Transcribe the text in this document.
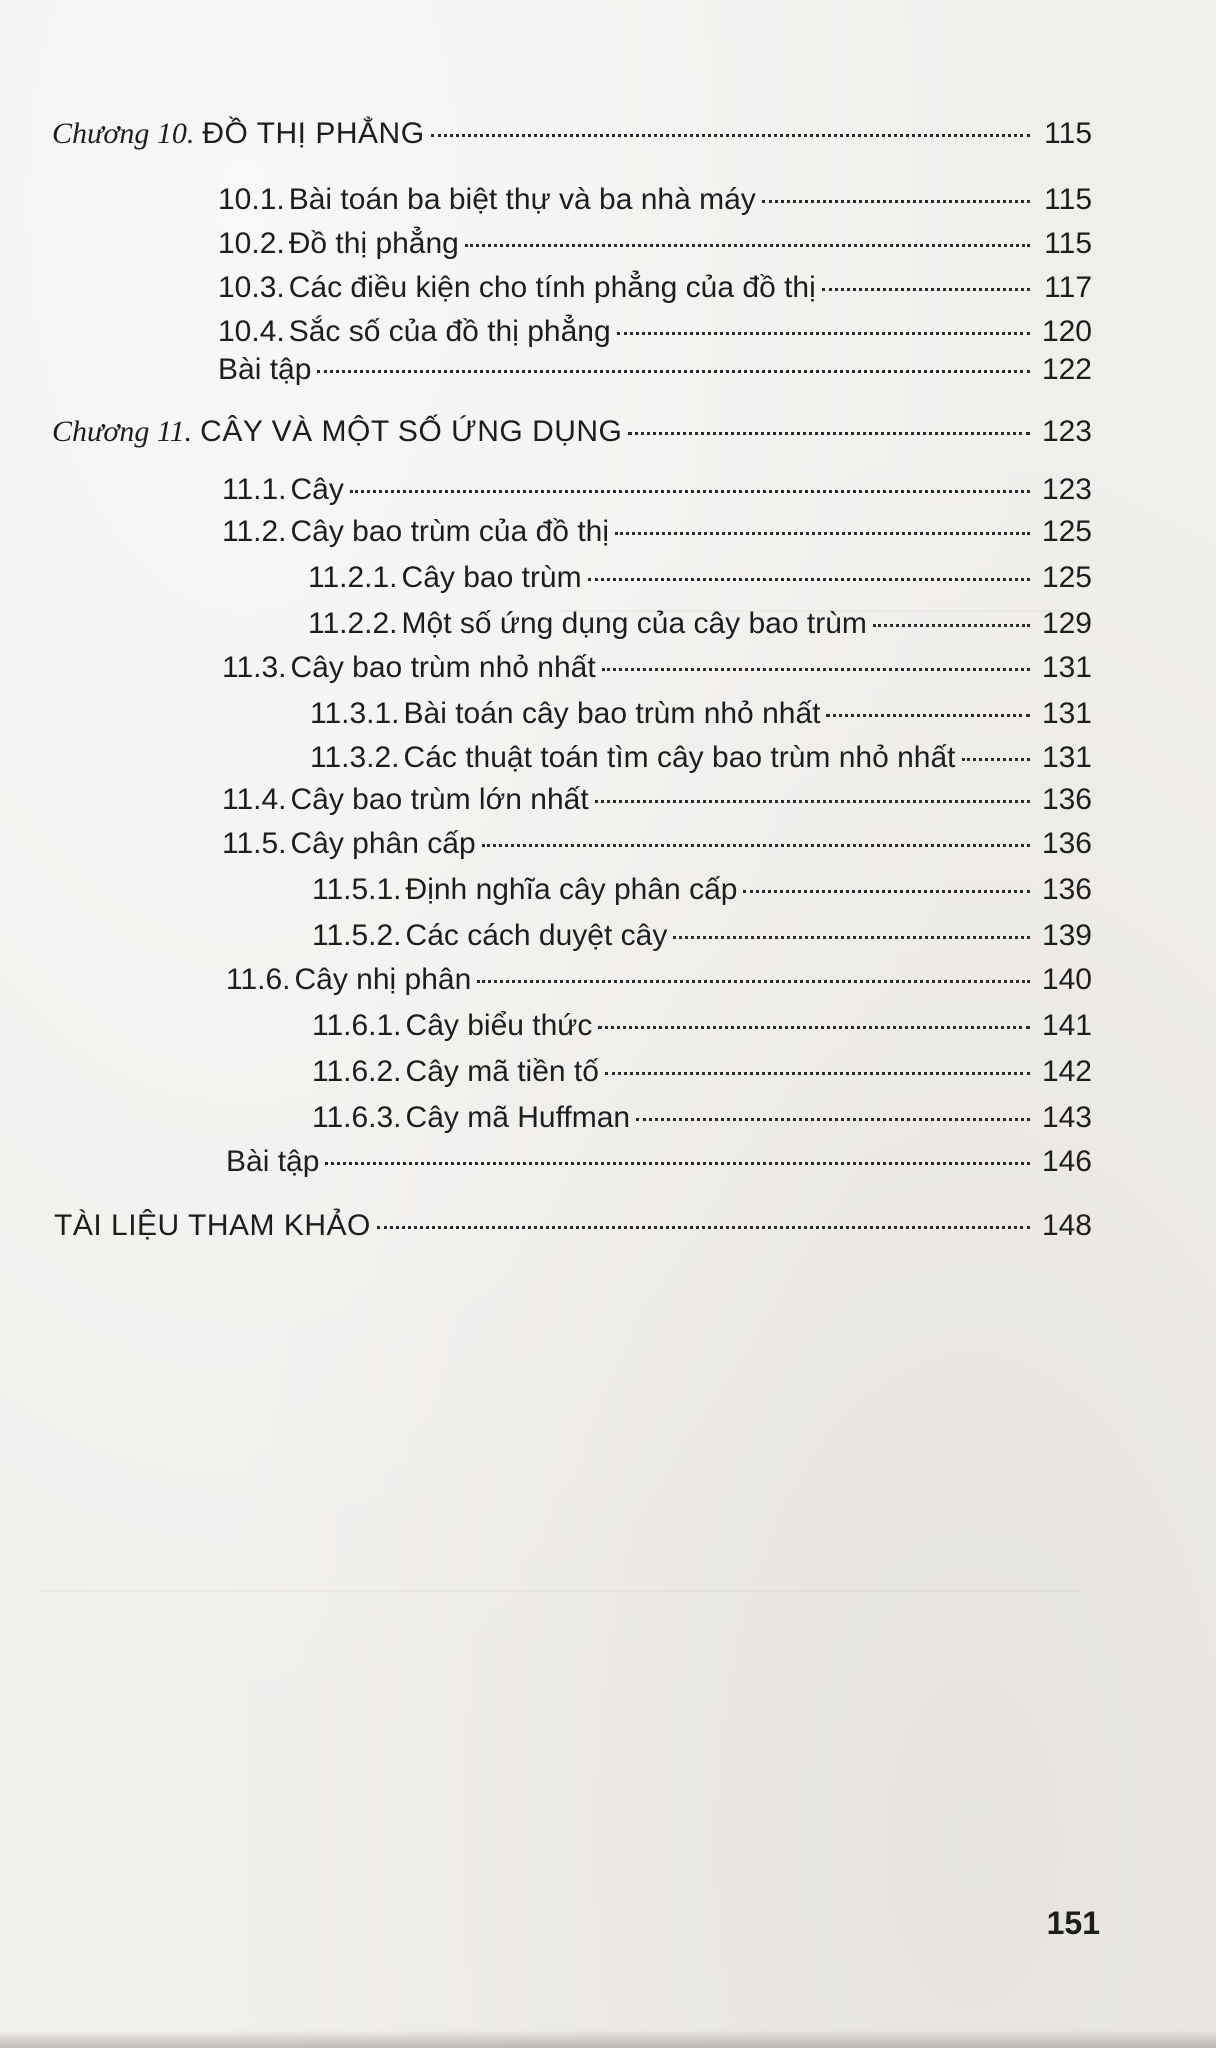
Chương 10. ĐỒ THỊ PHẲNG	115
10.1. Bài toán ba biệt thự và ba nhà máy	115
10.2. Đồ thị phẳng	115
10.3. Các điều kiện cho tính phẳng của đồ thị	117
10.4. Sắc số của đồ thị phẳng	120
Bài tập	122
Chương 11. CÂY VÀ MỘT SỐ ỨNG DỤNG	123
11.1. Cây	123
11.2. Cây bao trùm của đồ thị	125
11.2.1. Cây bao trùm	125
11.2.2. Một số ứng dụng của cây bao trùm	129
11.3. Cây bao trùm nhỏ nhất	131
11.3.1. Bài toán cây bao trùm nhỏ nhất	131
11.3.2. Các thuật toán tìm cây bao trùm nhỏ nhất	131
11.4. Cây bao trùm lớn nhất	136
11.5. Cây phân cấp	136
11.5.1. Định nghĩa cây phân cấp	136
11.5.2. Các cách duyệt cây	139
11.6. Cây nhị phân	140
11.6.1. Cây biểu thức	141
11.6.2. Cây mã tiền tố	142
11.6.3. Cây mã Huffman	143
Bài tập	146
TÀI LIỆU THAM KHẢO	148
151
